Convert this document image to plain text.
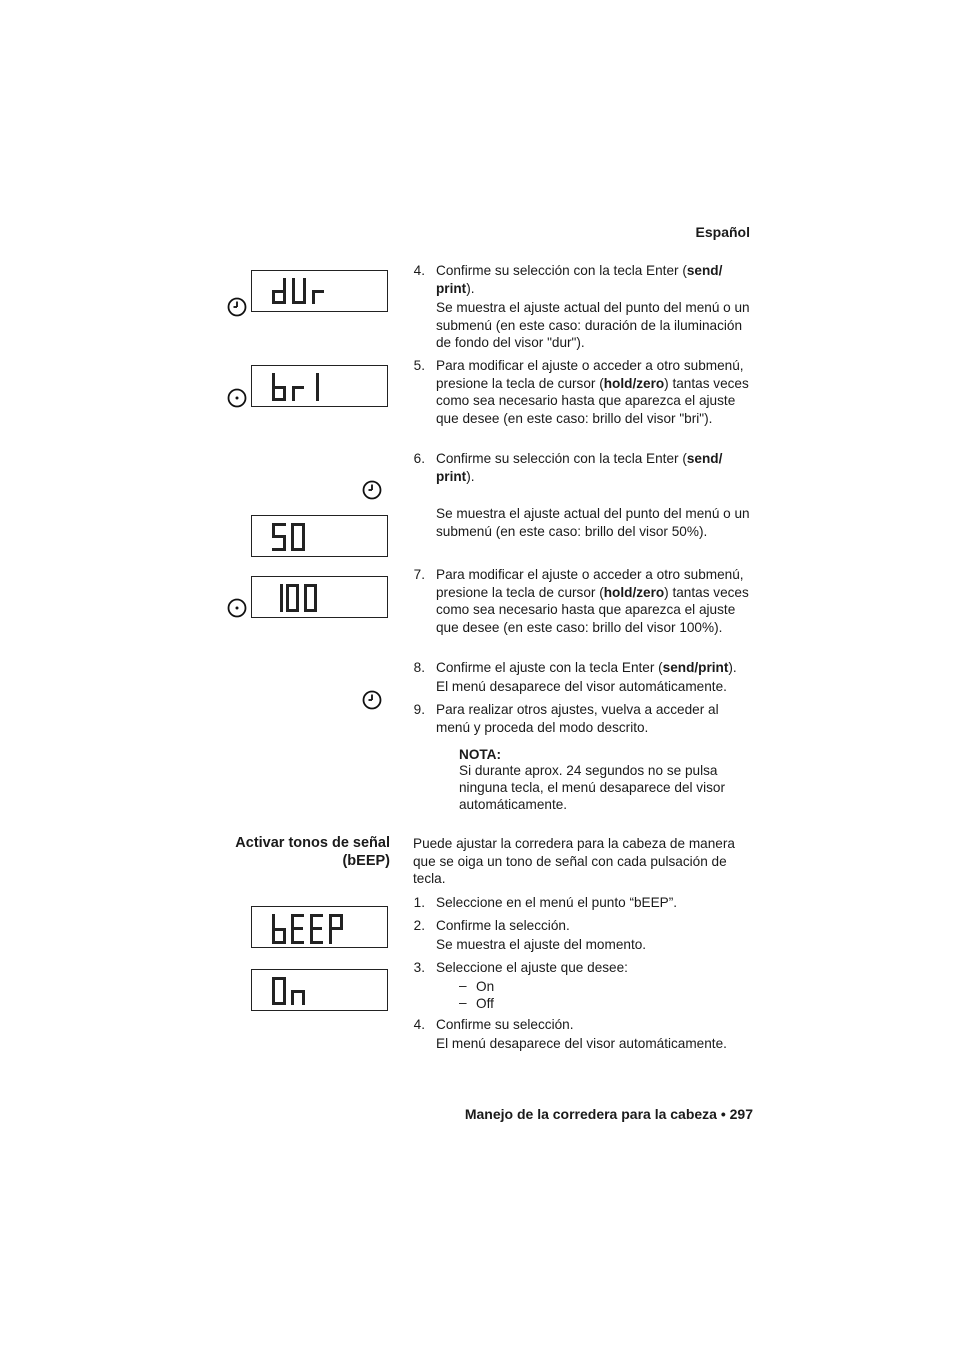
Español
4. Confirme su selección con la tecla Enter (send/
print).
Se muestra el ajuste actual del punto del menú o un submenú (en este caso: duración de la iluminación de fondo del visor "dur").
5. Para modificar el ajuste o acceder a otro submenú, presione la tecla de cursor (hold/zero) tantas veces como sea necesario hasta que aparezca el ajuste que desee (en este caso: brillo del visor "bri").
6. Confirme su selección con la tecla Enter (send/
print).
Se muestra el ajuste actual del punto del menú o un submenú (en este caso: brillo del visor 50%).
7. Para modificar el ajuste o acceder a otro submenú, presione la tecla de cursor (hold/zero) tantas veces como sea necesario hasta que aparezca el ajuste que desee (en este caso: brillo del visor 100%).
8. Confirme el ajuste con la tecla Enter (send/print).
El menú desaparece del visor automáticamente.
9. Para realizar otros ajustes, vuelva a acceder al menú y proceda del modo descrito.
NOTA:
Si durante aprox. 24 segundos no se pulsa ninguna tecla, el menú desaparece del visor automáticamente.
Activar tonos de señal
(bEEP)
Puede ajustar la corredera para la cabeza de manera que se oiga un tono de señal con cada pulsación de tecla.
1. Seleccione en el menú el punto “bEEP”.
2. Confirme la selección.
Se muestra el ajuste del momento.
3. Seleccione el ajuste que desee:
– On
– Off
4. Confirme su selección.
El menú desaparece del visor automáticamente.
Manejo de la corredera para la cabeza • 297
